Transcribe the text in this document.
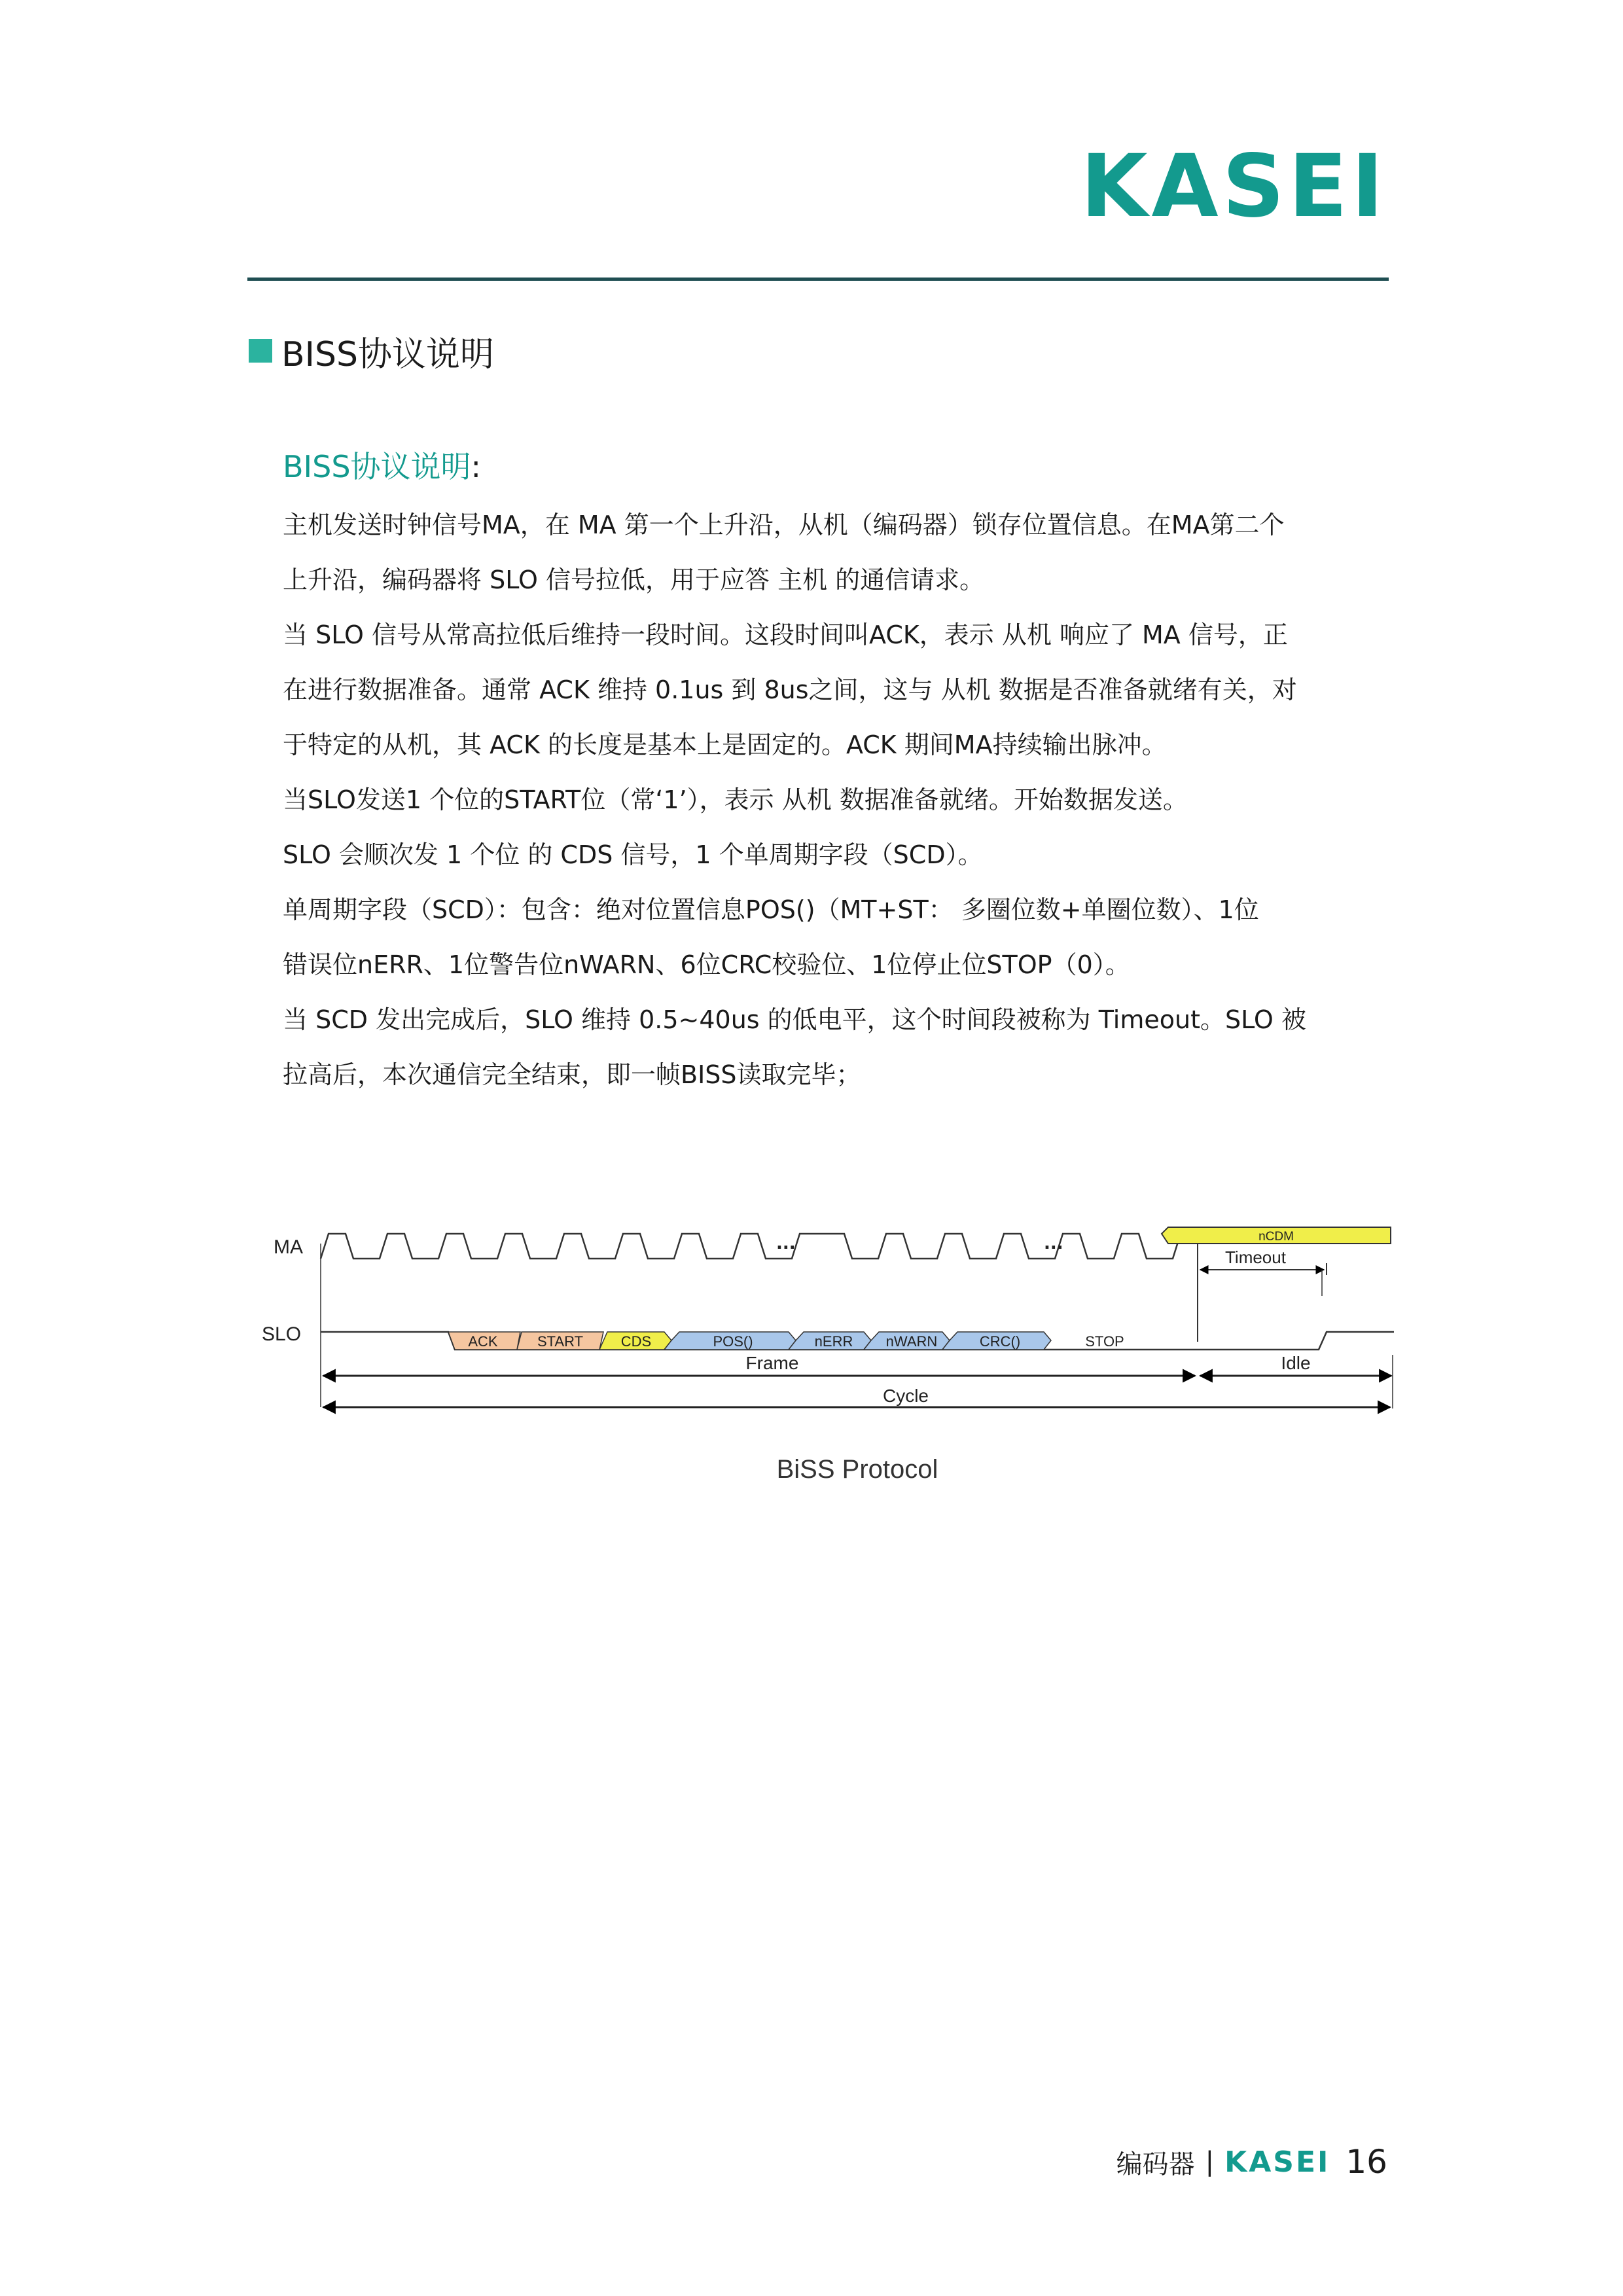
KASEI
BISS协议说明
BISS协议说明:
主机发送时钟信号MA，在 MA 第一个上升沿，从机（编码器）锁存位置信息。在MA第二个
上升沿，编码器将 SLO 信号拉低，用于应答 主机 的通信请求。
当 SLO 信号从常高拉低后维持一段时间。这段时间叫ACK，表示 从机 响应了 MA 信号，正
在进行数据准备。通常 ACK 维持 0.1us 到 8us之间，这与 从机 数据是否准备就绪有关，对
于特定的从机，其 ACK 的长度是基本上是固定的。ACK 期间MA持续输出脉冲。
当SLO发送1 个位的START位（常‘1’），表示 从机 数据准备就绪。开始数据发送。
SLO 会顺次发 1 个位 的 CDS 信号，1 个单周期字段（SCD）。
单周期字段（SCD）：包含：绝对位置信息POS()（MT+ST： 多圈位数+单圈位数）、1位
错误位nERR、1位警告位nWARN、6位CRC校验位、1位停止位STOP（0）。
当 SCD 发出完成后，SLO 维持 0.5~40us 的低电平，这个时间段被称为 Timeout。SLO 被
拉高后，本次通信完全结束，即一帧BISS读取完毕；
MA
SLO
...	...	nCDM
Timeout
ACK	START	CDS	POS()	nERR nWARN	CRC()	STOP
Frame	Idle
Cycle
BiSS Protocol
编码器 | KASEI 16
